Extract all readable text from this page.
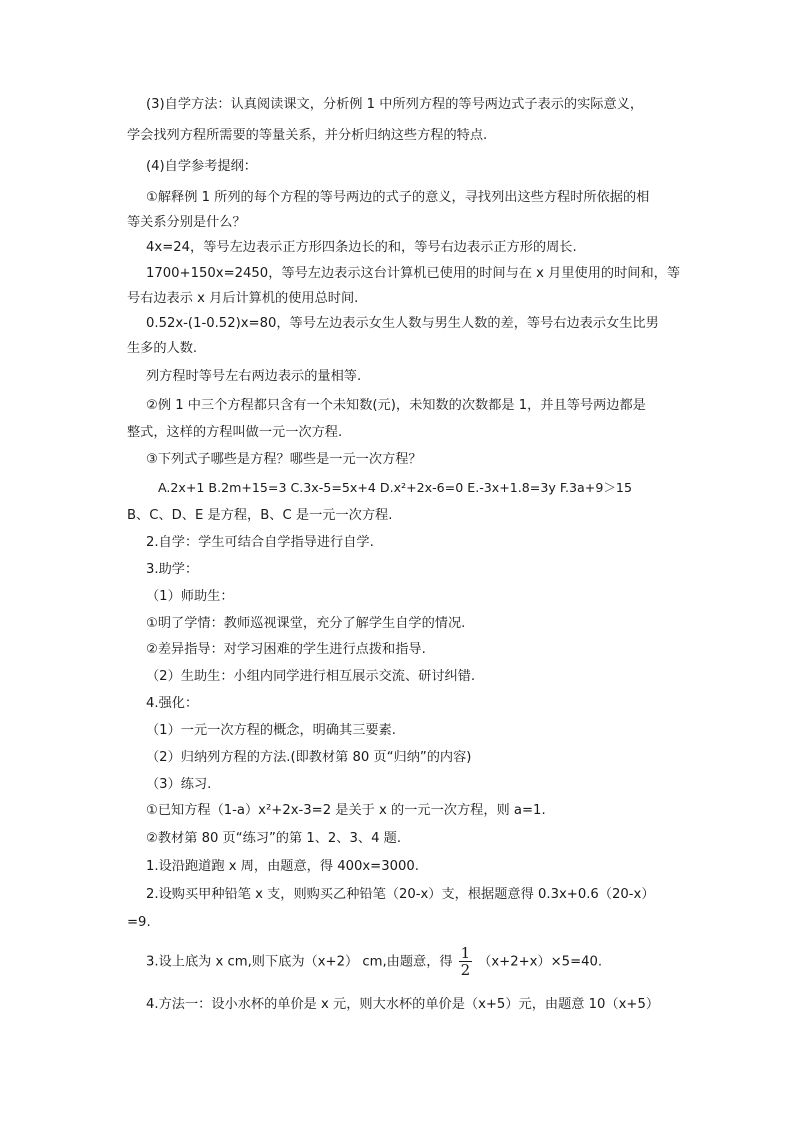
(3)自学方法：认真阅读课文，分析例 1 中所列方程的等号两边式子表示的实际意义，
学会找列方程所需要的等量关系，并分析归纳这些方程的特点.
(4)自学参考提纲：
①解释例 1 所列的每个方程的等号两边的式子的意义，寻找列出这些方程时所依据的相
等关系分别是什么？
4x=24，等号左边表示正方形四条边长的和，等号右边表示正方形的周长.
1700+150x=2450，等号左边表示这台计算机已使用的时间与在 x 月里使用的时间和，等
号右边表示 x 月后计算机的使用总时间.
0.52x-(1-0.52)x=80，等号左边表示女生人数与男生人数的差，等号右边表示女生比男
生多的人数.
列方程时等号左右两边表示的量相等.
②例 1 中三个方程都只含有一个未知数(元)，未知数的次数都是 1，并且等号两边都是
整式，这样的方程叫做一元一次方程.
③下列式子哪些是方程？哪些是一元一次方程？
A.2x+1 B.2m+15=3 C.3x-5=5x+4 D.x²+2x-6=0 E.-3x+1.8=3y F.3a+9＞15
B、C、D、E 是方程，B、C 是一元一次方程.
2.自学：学生可结合自学指导进行自学.
3.助学：
（1）师助生：
①明了学情：教师巡视课堂，充分了解学生自学的情况.
②差异指导：对学习困难的学生进行点拨和指导.
（2）生助生：小组内同学进行相互展示交流、研讨纠错.
4.强化：
（1）一元一次方程的概念，明确其三要素.
（2）归纳列方程的方法.(即教材第 80 页“归纳”的内容)
（3）练习.
①已知方程（1-a）x²+2x-3=2 是关于 x 的一元一次方程，则 a=1.
②教材第 80 页“练习”的第 1、2、3、4 题.
1.设沿跑道跑 x 周，由题意，得 400x=3000.
2.设购买甲种铅笔 x 支，则购买乙种铅笔（20-x）支，根据题意得 0.3x+0.6（20-x）
=9.
3.设上底为 x cm,则下底为（x+2） cm,由题意，得 $\frac{1}{2} (x+2+x)\times 5=40$.
4.方法一：设小水杯的单价是 x 元，则大水杯的单价是（x+5）元，由题意 10（x+5）
